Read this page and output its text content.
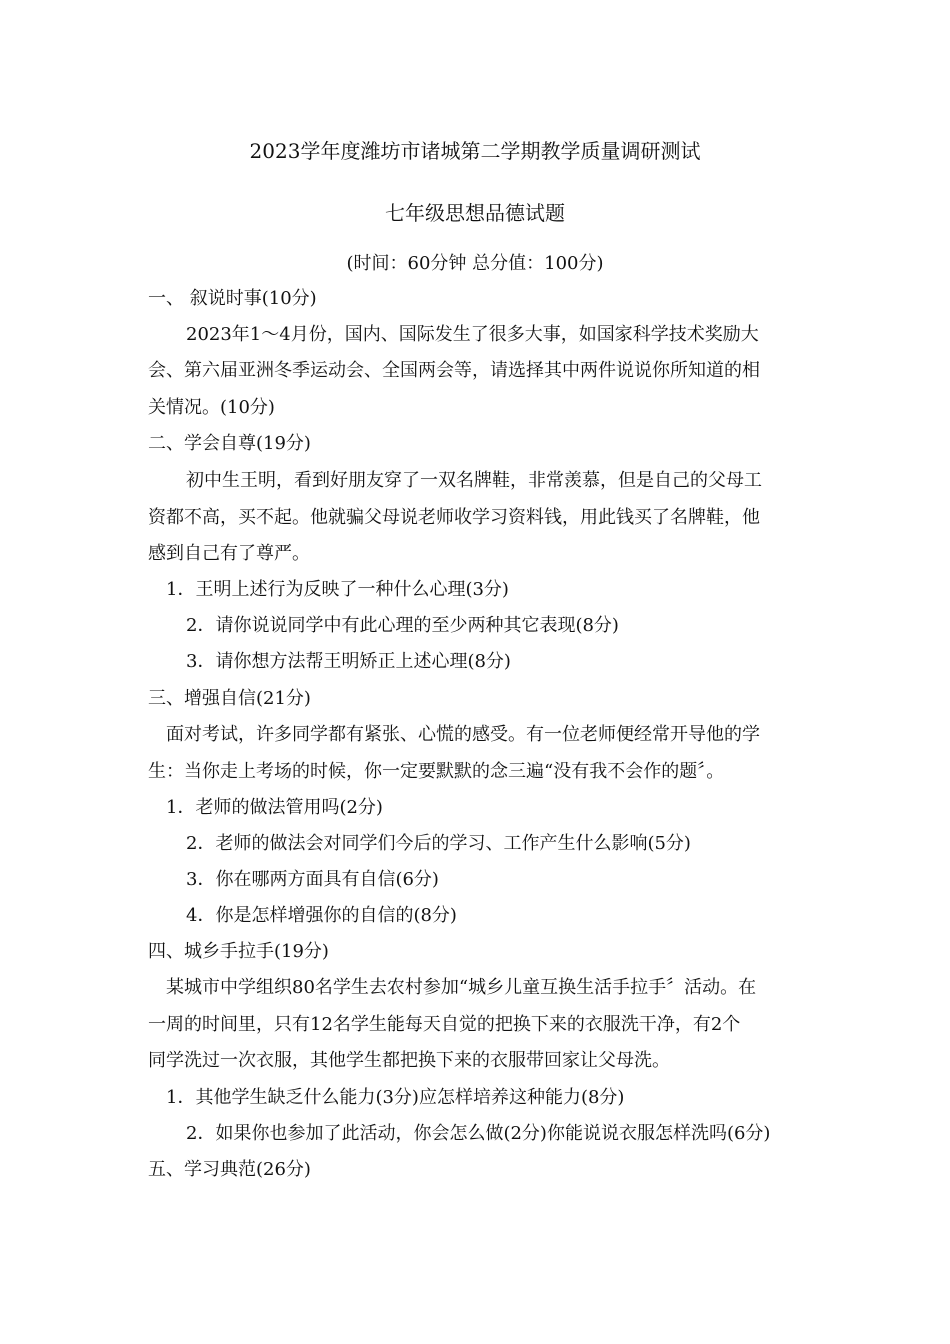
2023学年度潍坊市诸城第二学期教学质量调研测试
七年级思想品德试题
(时间：60分钟 总分值：100分)
一、 叙说时事(10分)
2023年1～4月份，国内、国际发生了很多大事，如国家科学技术奖励大
会、第六届亚洲冬季运动会、全国两会等，请选择其中两件说说你所知道的相
关情况。(10分)
二、学会自尊(19分)
初中生王明，看到好朋友穿了一双名牌鞋，非常羡慕，但是自己的父母工
资都不高，买不起。他就骗父母说老师收学习资料钱，用此钱买了名牌鞋，他
感到自己有了尊严。
1．王明上述行为反映了一种什么心理(3分)
2．请你说说同学中有此心理的至少两种其它表现(8分)
3．请你想方法帮王明矫正上述心理(8分)
三、增强自信(21分)
面对考试，许多同学都有紧张、心慌的感受。有一位老师便经常开导他的学
生：当你走上考场的时候，你一定要默默的念三遍“没有我不会作的题〞。
1．老师的做法管用吗(2分)
2．老师的做法会对同学们今后的学习、工作产生什么影响(5分)
3．你在哪两方面具有自信(6分)
4．你是怎样增强你的自信的(8分)
四、城乡手拉手(19分)
某城市中学组织80名学生去农村参加“城乡儿童互换生活手拉手〞活动。在
一周的时间里，只有12名学生能每天自觉的把换下来的衣服洗干净，有2个
同学洗过一次衣服，其他学生都把换下来的衣服带回家让父母洗。
1．其他学生缺乏什么能力(3分)应怎样培养这种能力(8分)
2．如果你也参加了此活动，你会怎么做(2分)你能说说衣服怎样洗吗(6分)
五、学习典范(26分)
